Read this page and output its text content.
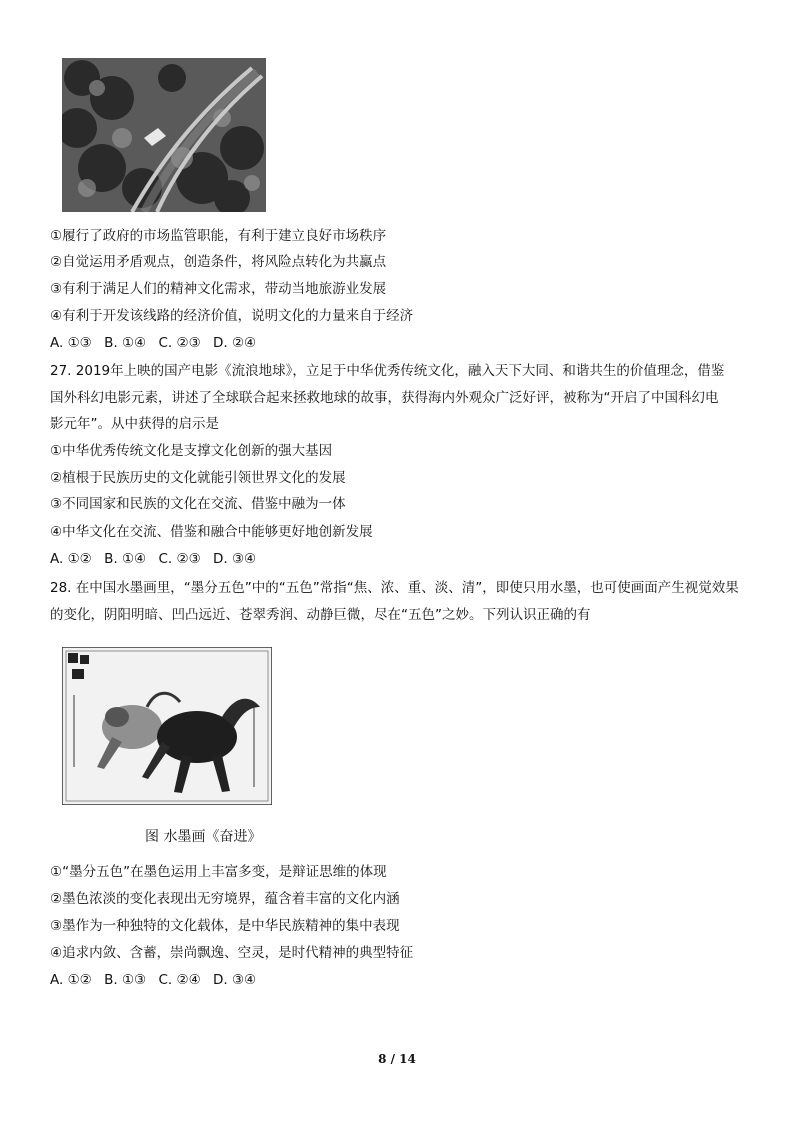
①履行了政府的市场监管职能，有利于建立良好市场秩序
②自觉运用矛盾观点，创造条件，将风险点转化为共赢点
③有利于满足人们的精神文化需求，带动当地旅游业发展
④有利于开发该线路的经济价值，说明文化的力量来自于经济
A. ①③ B. ①④ C. ②③ D. ②④
27. 2019年上映的国产电影《流浪地球》，立足于中华优秀传统文化，融入天下大同、和谐共生的价值理念，借鉴
国外科幻电影元素，讲述了全球联合起来拯救地球的故事，获得海内外观众广泛好评，被称为“开启了中国科幻电
影元年”。从中获得的启示是
①中华优秀传统文化是支撑文化创新的强大基因
②植根于民族历史的文化就能引领世界文化的发展
③不同国家和民族的文化在交流、借鉴中融为一体
④中华文化在交流、借鉴和融合中能够更好地创新发展
A. ①② B. ①④ C. ②③ D. ③④
28. 在中国水墨画里，“墨分五色”中的“五色”常指“焦、浓、重、淡、清”，即使只用水墨，也可使画面产生视觉效果
的变化，阴阳明暗、凹凸远近、苍翠秀润、动静巨微，尽在“五色”之妙。下列认识正确的有
图 水墨画《奋进》
①“墨分五色”在墨色运用上丰富多变，是辩证思维的体现
②墨色浓淡的变化表现出无穷境界，蕴含着丰富的文化内涵
③墨作为一种独特的文化载体，是中华民族精神的集中表现
④追求内敛、含蓄，崇尚飘逸、空灵，是时代精神的典型特征
A. ①② B. ①③ C. ②④ D. ③④
8 / 14
